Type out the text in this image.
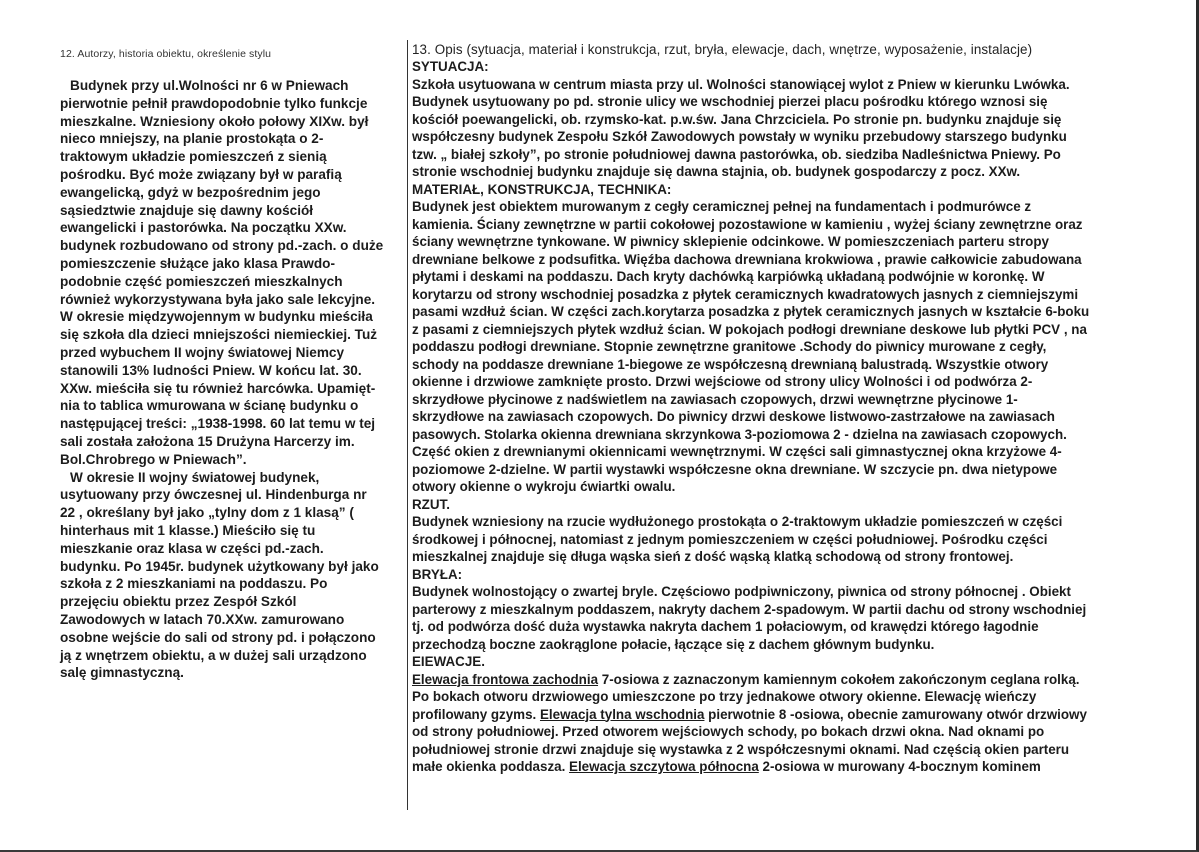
12. Autorzy, historia obiektu, określenie stylu
Budynek przy ul.Wolności nr 6 w Pniewach
pierwotnie pełnił prawdopodobnie tylko funkcje
mieszkalne. Wzniesiony około połowy XIXw. był
nieco mniejszy, na planie prostokąta o 2-
traktowym układzie pomieszczeń z sienią
pośrodku. Być może związany był w parafią
ewangelicką, gdyż w bezpośrednim jego
sąsiedztwie znajduje się dawny kościół
ewangelicki i pastorówka. Na początku XXw.
budynek rozbudowano od strony pd.-zach. o duże
pomieszczenie służące jako klasa Prawdo-
podobnie część pomieszczeń mieszkalnych
również wykorzystywana była jako sale lekcyjne.
W okresie międzywojennym w budynku mieściła
się szkoła dla dzieci mniejszości niemieckiej. Tuż
przed wybuchem II wojny światowej Niemcy
stanowili 13% ludności Pniew. W końcu lat. 30.
XXw. mieściła się tu również harcówka. Upamięt-
nia to tablica wmurowana w ścianę budynku o
następującej treści: „1938-1998. 60 lat temu w tej
sali została założona 15 Drużyna Harcerzy im.
Bol.Chrobrego w Pniewach”.
W okresie II wojny światowej budynek,
usytuowany przy ówczesnej ul. Hindenburga nr
22 , określany był jako „tylny dom z 1 klasą” (
hinterhaus mit 1 klasse.) Mieściło się tu
mieszkanie oraz klasa w części pd.-zach.
budynku. Po 1945r. budynek użytkowany był jako
szkoła z 2 mieszkaniami na poddaszu. Po
przejęciu obiektu przez Zespół Szkól
Zawodowych w latach 70.XXw. zamurowano
osobne wejście do sali od strony pd. i połączono
ją z wnętrzem obiektu, a w dużej sali urządzono
salę gimnastyczną.
13. Opis (sytuacja, materiał i konstrukcja, rzut, bryła, elewacje, dach, wnętrze, wyposażenie, instalacje)
SYTUACJA:
Szkoła usytuowana w centrum miasta przy ul. Wolności stanowiącej wylot z Pniew w kierunku Lwówka.
Budynek usytuowany po pd. stronie ulicy we wschodniej pierzei placu pośrodku którego wznosi się
kościół poewangelicki, ob. rzymsko-kat. p.w.św. Jana Chrzciciela. Po stronie pn. budynku znajduje się
współczesny budynek Zespołu Szkół Zawodowych powstały w wyniku przebudowy starszego budynku
tzw. „ białej szkoły”, po stronie południowej dawna pastorówka, ob. siedziba Nadleśnictwa Pniewy. Po
stronie wschodniej budynku znajduje się dawna stajnia, ob. budynek gospodarczy z pocz. XXw.
MATERIAŁ, KONSTRUKCJA, TECHNIKA:
Budynek jest obiektem murowanym z cegły ceramicznej pełnej na fundamentach i podmurówce z
kamienia. Ściany zewnętrzne w partii cokołowej pozostawione w kamieniu , wyżej ściany zewnętrzne oraz
ściany wewnętrzne tynkowane. W piwnicy sklepienie odcinkowe. W pomieszczeniach parteru stropy
drewniane belkowe z podsufitka. Więźba dachowa drewniana krokwiowa , prawie całkowicie zabudowana
płytami i deskami na poddaszu. Dach kryty dachówką karpiówką układaną podwójnie w koronkę. W
korytarzu od strony wschodniej posadzka z płytek ceramicznych kwadratowych jasnych z ciemniejszymi
pasami wzdłuż ścian. W części zach.korytarza posadzka z płytek ceramicznych jasnych w kształcie 6-boku
z pasami z ciemniejszych płytek wzdłuż ścian. W pokojach podłogi drewniane deskowe lub płytki PCV , na
poddaszu podłogi drewniane. Stopnie zewnętrzne granitowe .Schody do piwnicy murowane z cegły,
schody na poddasze drewniane 1-biegowe ze współczesną drewnianą balustradą. Wszystkie otwory
okienne i drzwiowe zamknięte prosto. Drzwi wejściowe od strony ulicy Wolności i od podwórza 2-
skrzydłowe płycinowe z nadświetlem na zawiasach czopowych, drzwi wewnętrzne płycinowe 1-
skrzydłowe na zawiasach czopowych. Do piwnicy drzwi deskowe listwowo-zastrzałowe na zawiasach
pasowych. Stolarka okienna drewniana skrzynkowa 3-poziomowa 2 - dzielna na zawiasach czopowych.
Część okien z drewnianymi okiennicami wewnętrznymi. W części sali gimnastycznej okna krzyżowe 4-
poziomowe 2-dzielne. W partii wystawki współczesne okna drewniane. W szczycie pn. dwa nietypowe
otwory okienne o wykroju ćwiartki owalu.
RZUT.
Budynek wzniesiony na rzucie wydłużonego prostokąta o 2-traktowym układzie pomieszczeń w części
środkowej i północnej, natomiast z jednym pomieszczeniem w części południowej. Pośrodku części
mieszkalnej znajduje się długa wąska sień z dość wąską klatką schodową od strony frontowej.
BRYŁA:
Budynek wolnostojący o zwartej bryle. Częściowo podpiwniczony, piwnica od strony północnej . Obiekt
parterowy z mieszkalnym poddaszem, nakryty dachem 2-spadowym. W partii dachu od strony wschodniej
tj. od podwórza dość duża wystawka nakryta dachem 1 połaciowym, od krawędzi którego łagodnie
przechodzą boczne zaokrąglone połacie, łączące się z dachem głównym budynku.
EIEWACJE.
Elewacja frontowa zachodnia 7-osiowa z zaznaczonym kamiennym cokołem zakończonym ceglana rolką.
Po bokach otworu drzwiowego umieszczone po trzy jednakowe otwory okienne. Elewację wieńczy
profilowany gzyms. Elewacja tylna wschodnia pierwotnie 8 -osiowa, obecnie zamurowany otwór drzwiowy
od strony południowej. Przed otworem wejściowych schody, po bokach drzwi okna. Nad oknami po
południowej stronie drzwi znajduje się wystawka z 2 współczesnymi oknami. Nad częścią okien parteru
małe okienka poddasza. Elewacja szczytowa północna 2-osiowa w murowany 4-bocznym kominem
